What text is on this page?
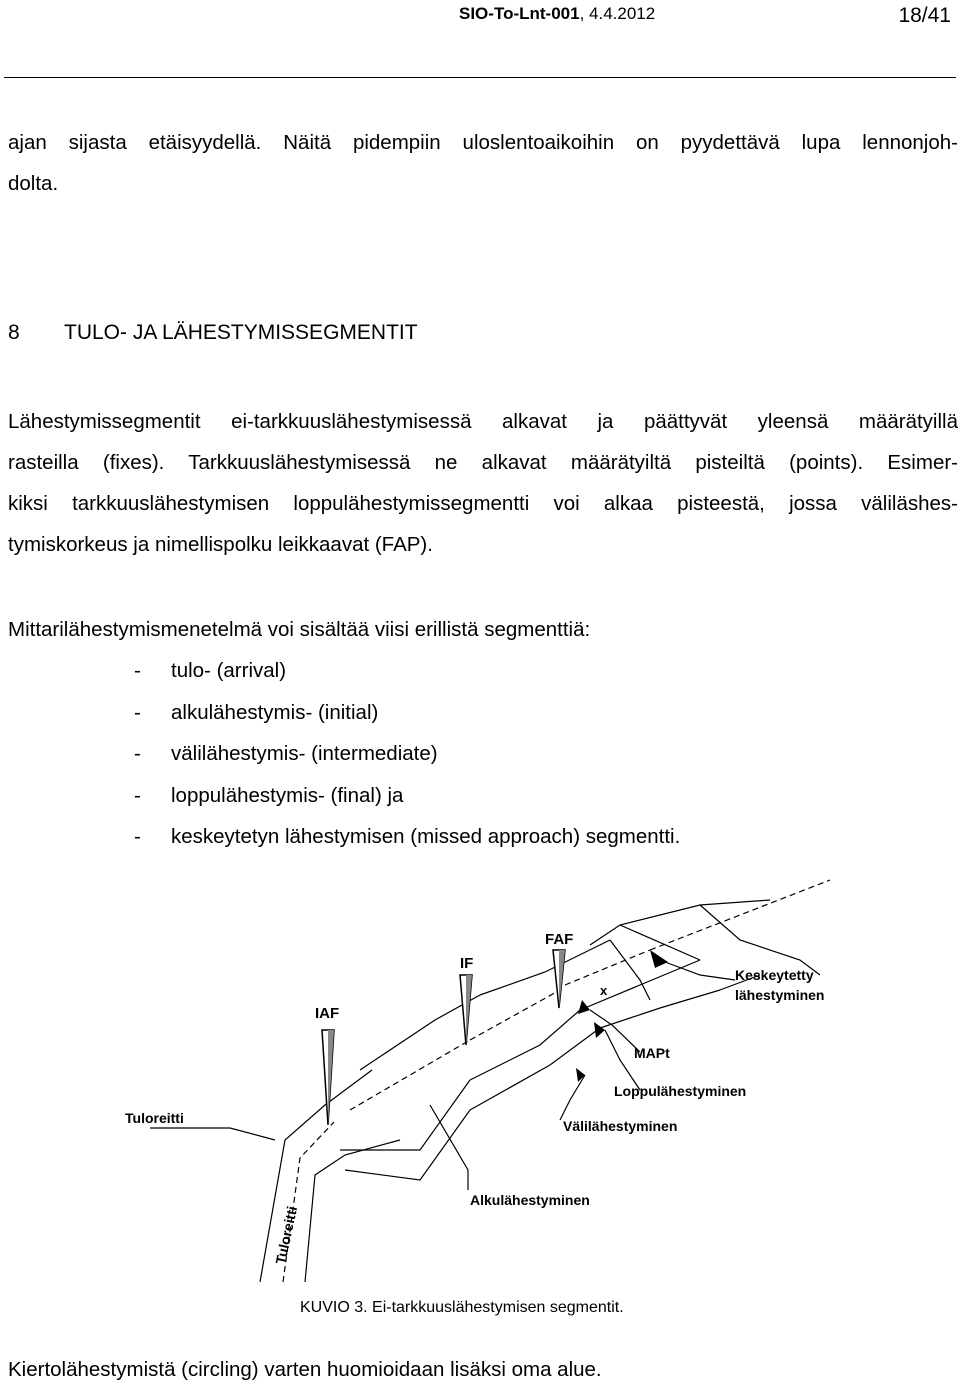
SIO-To-Lnt-001, 4.4.2012	18/41
ajan sijasta etäisyydellä. Näitä pidempiin uloslentoaikoihin on pyydettävä lupa lennonjoh-
dolta.
8 TULO- JA LÄHESTYMISSEGMENTIT
Lähestymissegmentit ei-tarkkuuslähestymisessä alkavat ja päättyvät yleensä määrätyillä
rasteilla (fixes). Tarkkuuslähestymisessä ne alkavat määrätyiltä pisteiltä (points). Esimer-
kiksi tarkkuuslähestymisen loppulähestymissegmentti voi alkaa pisteestä, jossa väliläshes-
tymiskorkeus ja nimellispolku leikkaavat (FAP).
Mittarilähestymismenetelmä voi sisältää viisi erillistä segmenttiä:
- tulo- (arrival)
- alkulähestymis- (initial)
- välilähestymis- (intermediate)
- loppulähestymis- (final) ja
- keskeytetyn lähestymisen (missed approach) segmentti.
FAF
IF
IAF
Keskeytetty
lähestyminen
x
MAPt
Loppulähestyminen
Välilähestyminen
Alkulähestyminen
Tuloreitti
Tuloreitti
KUVIO 3. Ei-tarkkuuslähestymisen segmentit.
Kiertolähestymistä (circling) varten huomioidaan lisäksi oma alue.
